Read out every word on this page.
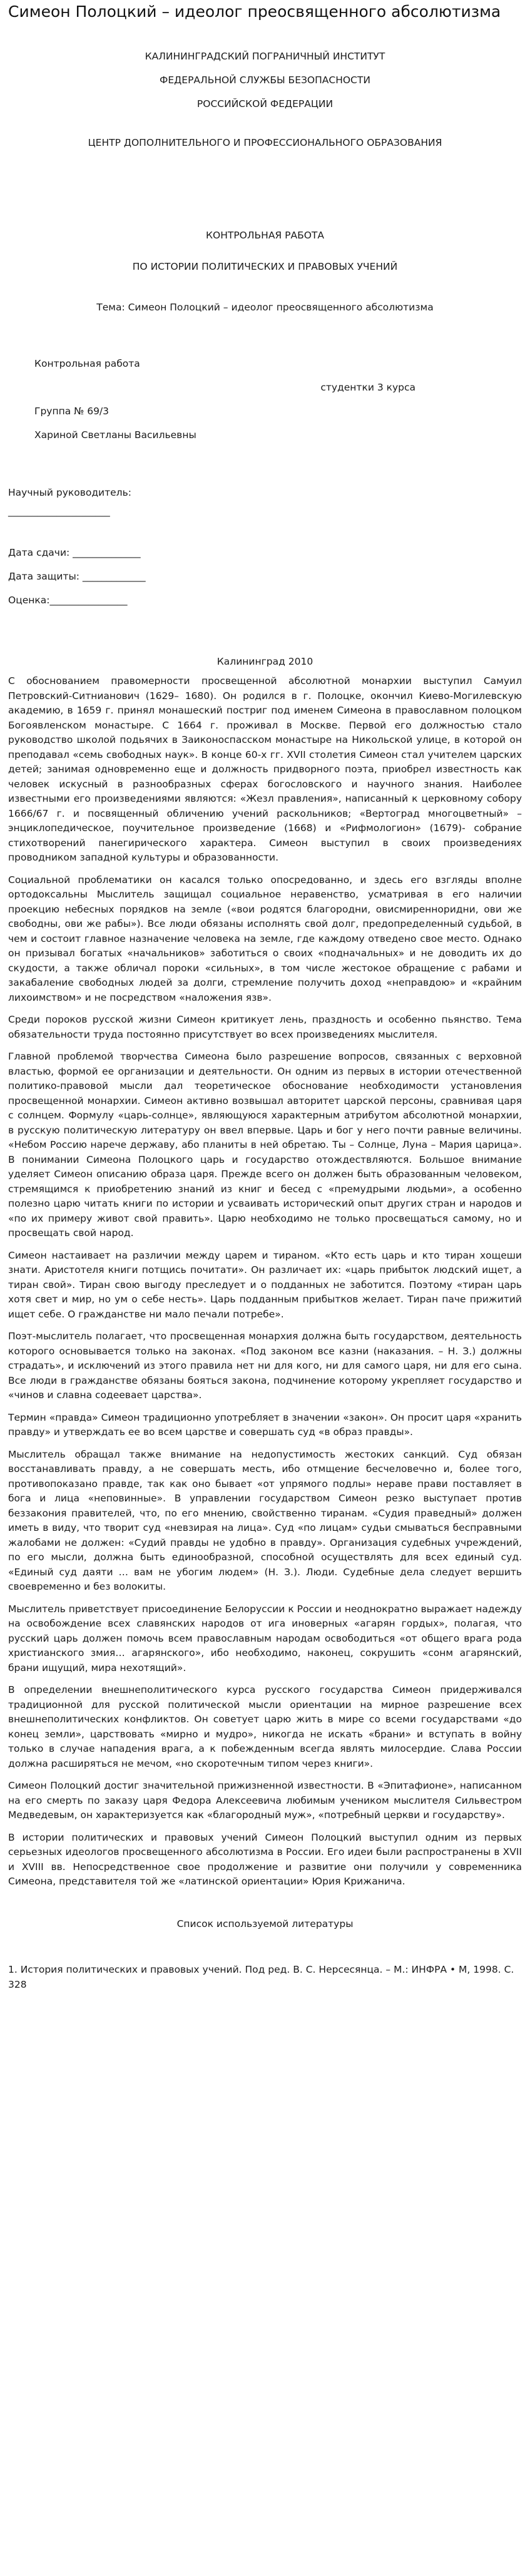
Симеон Полоцкий – идеолог преосвященного абсолютизма
КАЛИНИНГРАДСКИЙ ПОГРАНИЧНЫЙ ИНСТИТУТ
ФЕДЕРАЛЬНОЙ СЛУЖБЫ БЕЗОПАСНОСТИ
РОССИЙСКОЙ ФЕДЕРАЦИИ
ЦЕНТР ДОПОЛНИТЕЛЬНОГО И ПРОФЕССИОНАЛЬНОГО ОБРАЗОВАНИЯ
КОНТРОЛЬНАЯ РАБОТА
ПО ИСТОРИИ ПОЛИТИЧЕСКИХ И ПРАВОВЫХ УЧЕНИЙ
Тема: Симеон Полоцкий – идеолог преосвященного абсолютизма
Контрольная работа
студентки 3 курса
Группа № 69/3
Хариной Светланы Васильевны
Научный руководитель:
_____________________
Дата сдачи: ______________
Дата защиты: _____________
Оценка:________________
Калининград 2010

С обоснованием правомерности просвещенной абсолютной монархии выступил Самуил Петровский-Ситнианович (1629– 1680). Он родился в г. Полоцке, окончил Киево-Могилевскую академию, в 1659 г. принял монашеский постриг под именем Симеона в православном полоцком Богоявленском монастыре. С 1664 г. проживал в Москве. Первой его должностью стало руководство школой подьячих в Заиконоспасском монастыре на Никольской улице, в которой он преподавал «семь свободных наук». В конце 60-х гг. XVII столетия Симеон стал учителем царских детей; занимая одновременно еще и должность придворного поэта, приобрел известность как человек искусный в разнообразных сферах богословского и научного знания. Наиболее известными его произведениями являются: «Жезл правления», написанный к церковному собору 1666/67 г. и посвященный обличению учений раскольников; «Вертоград многоцветный» – энциклопедическое, поучительное произведение (1668) и «Рифмологион» (1679)- собрание стихотворений панегирического характера. Симеон выступил в своих произведениях проводником западной культуры и образованности.

Социальной проблематики он касался только опосредованно, и здесь его взгляды вполне ортодоксальны Мыслитель защищал социальное неравенство, усматривая в его наличии проекцию небесных порядков на земле («вои родятся благородни, овисмиренноридни, ови же свободны, ови же рабы»). Все люди обязаны исполнять свой долг, предопределенный судьбой, в чем и состоит главное назначение человека на земле, где каждому отведено свое место. Однако он призывал богатых «начальников» заботиться о своих «подначальных» и не доводить их до скудости, а также обличал пороки «сильных», в том числе жестокое обращение с рабами и закабаление свободных людей за долги, стремление получить доход «неправдою» и «крайним лихоимством» и не посредством «наложения язв».

Среди пороков русской жизни Симеон критикует лень, праздность и особенно пьянство. Тема обязательности труда постоянно присутствует во всех произведениях мыслителя.

Главной проблемой творчества Симеона было разрешение вопросов, связанных с верховной властью, формой ее организации и деятельности. Он одним из первых в истории отечественной политико-правовой мысли дал теоретическое обоснование необходимости установления просвещенной монархии. Симеон активно возвышал авторитет царской персоны, сравнивая царя с солнцем. Формулу «царь-солнце», являющуюся характерным атрибутом абсолютной монархии, в русскую политическую литературу он ввел впервые. Царь и бог у него почти равные величины. «Небом Россию нарече державу, або планиты в ней обретаю. Ты – Солнце, Луна – Мария царица». В понимании Симеона Полоцкого царь и государство отождествляются. Большое внимание уделяет Симеон описанию образа царя. Прежде всего он должен быть образованным человеком, стремящимся к приобретению знаний из книг и бесед с «премудрыми людьми», а особенно полезно царю читать книги по истории и усваивать исторический опыт других стран и народов и «по их примеру живот свой править». Царю необходимо не только просвещаться самому, но и просвещать свой народ.

Симеон настаивает на различии между царем и тираном. «Кто есть царь и кто тиран хощеши знати. Аристотеля книги потщись почитати». Он различает их: «царь прибыток людский ищет, а тиран свой». Тиран свою выгоду преследует и о подданных не заботится. Поэтому «тиран царь хотя свет и мир, но ум о себе несть». Царь подданным прибытков желает. Тиран паче прижитий ищет себе. О гражданстве ни мало печали потребе».

Поэт-мыслитель полагает, что просвещенная монархия должна быть государством, деятельность которого основывается только на законах. «Под законом все казни (наказания. – Н. З.) должны страдать», и исключений из этого правила нет ни для кого, ни для самого царя, ни для его сына. Все люди в гражданстве обязаны бояться закона, подчинение которому укрепляет государство и «чинов и славна содеевает царства».

Термин «правда» Симеон традиционно употребляет в значении «закон». Он просит царя «хранить правду» и утверждать ее во всем царстве и совершать суд «в образ правды».

Мыслитель обращал также внимание на недопустимость жестоких санкций. Суд обязан восстанавливать правду, а не совершать месть, ибо отмщение бесчеловечно и, более того, противопоказано правде, так как оно бывает «от упрямого подлы» нераве прави поставляет в бога и лица «неповинные». В управлении государством Симеон резко выступает против беззакония правителей, что, по его мнению, свойственно тиранам. «Судия праведный» должен иметь в виду, что творит суд «невзирая на лица». Суд «по лицам» судьи смываться бесправными жалобами не должен: «Судий правды не удобно в правду». Организация судебных учреждений, по его мысли, должна быть единообразной, способной осуществлять для всех единый суд. «Единый суд даяти … вам не убогим людем» (Н. З.). Люди. Судебные дела следует вершить своевременно и без волокиты.

Мыслитель приветствует присоединение Белоруссии к России и неоднократно выражает надежду на освобождение всех славянских народов от ига иноверных «агарян гордых», полагая, что русский царь должен помочь всем православным народам освободиться «от общего врага рода христианского змия… агарянского», ибо необходимо, наконец, сокрушить «сонм агарянский, брани ищущий, мира нехотящий».

В определении внешнеполитического курса русского государства Симеон придерживался традиционной для русской политической мысли ориентации на мирное разрешение всех внешнеполитических конфликтов. Он советует царю жить в мире со всеми государствами «до конец земли», царствовать «мирно и мудро», никогда не искать «брани» и вступать в войну только в случае нападения врага, а к побежденным всегда являть милосердие. Слава России должна расширяться не мечом, «но скоротечным типом через книги».

Симеон Полоцкий достиг значительной прижизненной известности. В «Эпитафионе», написанном на его смерть по заказу царя Федора Алексеевича любимым учеником мыслителя Сильвестром Медведевым, он характеризуется как «благородный муж», «потребный церкви и государству».

В истории политических и правовых учений Симеон Полоцкий выступил одним из первых серьезных идеологов просвещенного абсолютизма в России. Его идеи были распространены в XVII и XVIII вв. Непосредственное свое продолжение и развитие они получили у современника Симеона, представителя той же «латинской ориентации» Юрия Крижанича.

Список используемой литературы
1. История политических и правовых учений. Под ред. В. С. Нерсесянца. – М.: ИНФРА • М, 1998. С. 328
